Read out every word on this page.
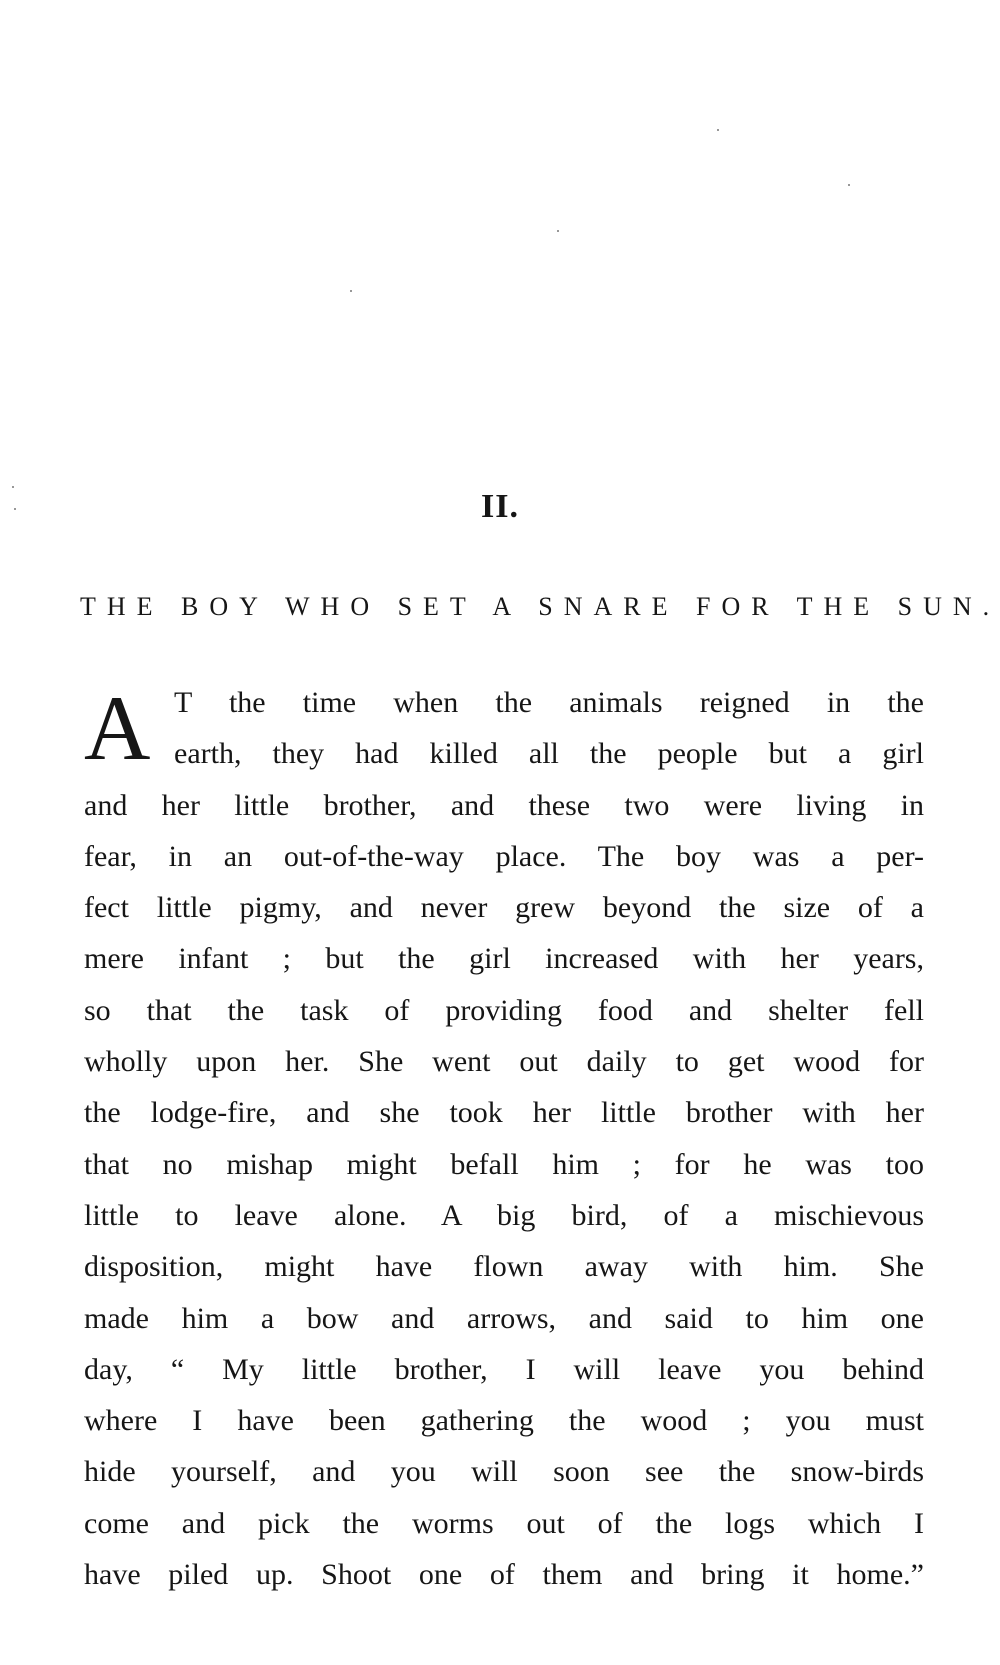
II.
THE BOY WHO SET A SNARE FOR THE SUN.
A T the time when the animals reigned in the
earth, they had killed all the people but a girl
and her little brother, and these two were living in
fear, in an out-of-the-way place. The boy was a per-
fect little pigmy, and never grew beyond the size of a
mere infant ; but the girl increased with her years,
so that the task of providing food and shelter fell
wholly upon her. She went out daily to get wood for
the lodge-fire, and she took her little brother with her
that no mishap might befall him ; for he was too
little to leave alone. A big bird, of a mischievous
disposition, might have flown away with him. She
made him a bow and arrows, and said to him one
day, “ My little brother, I will leave you behind
where I have been gathering the wood ; you must
hide yourself, and you will soon see the snow-birds
come and pick the worms out of the logs which I
have piled up. Shoot one of them and bring it home.”
